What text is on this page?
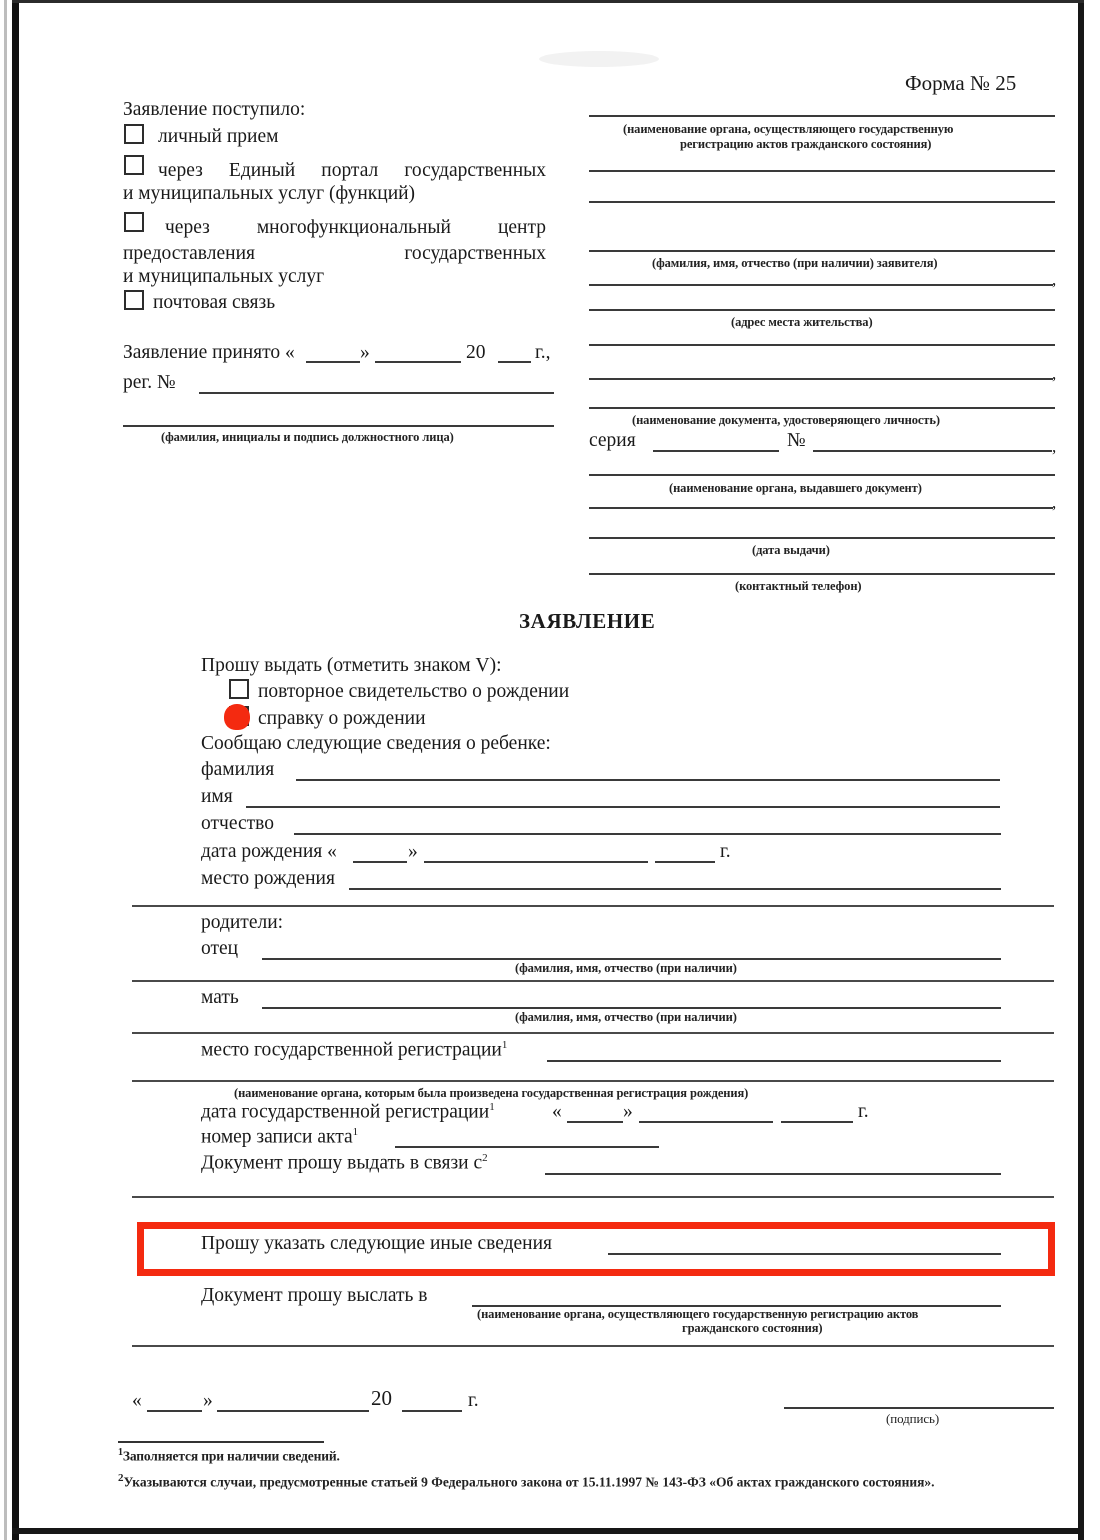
Форма № 25
Заявление поступило:
личный прием
через Единый портал государственных
и муниципальных услуг (функций)
через многофункциональный центр
предоставления государственных
и муниципальных услуг
почтовая связь
Заявление принято «	»	20	г.,
рег. №
(фамилия, инициалы и подпись должностного лица)
(наименование органа, осуществляющего государственную
регистрацию актов гражданского состояния)
(фамилия, имя, отчество (при наличии) заявителя)
,
(адрес места жительства)
,
(наименование документа, удостоверяющего личность)
серия	№	,
(наименование органа, выдавшего документ)
,
(дата выдачи)
(контактный телефон)
ЗАЯВЛЕНИЕ
Прошу выдать (отметить знаком V):
повторное свидетельство о рождении
справку о рождении
Сообщаю следующие сведения о ребенке:
фамилия
имя
отчество
дата рождения «	»	г.
место рождения
родители:
отец
(фамилия, имя, отчество (при наличии)
мать
(фамилия, имя, отчество (при наличии)
место государственной регистрации$^1$
(наименование органа, которым была произведена государственная регистрация рождения)
дата государственной регистрации$^1$	«	»	г.
номер записи акта$^1$
Документ прошу выдать в связи $с^2$
Прошу указать следующие иные сведения
Документ прошу выслать в
(наименование органа, осуществляющего государственную регистрацию актов
гражданского состояния)
«	»	20	г.
(подпись)
$^1$Заполняется при наличии сведений.
$^2$Указываются случаи, предусмотренные статьей 9 Федерального закона от 15.11.1997 № 143-ФЗ «Об актах гражданского состояния».
